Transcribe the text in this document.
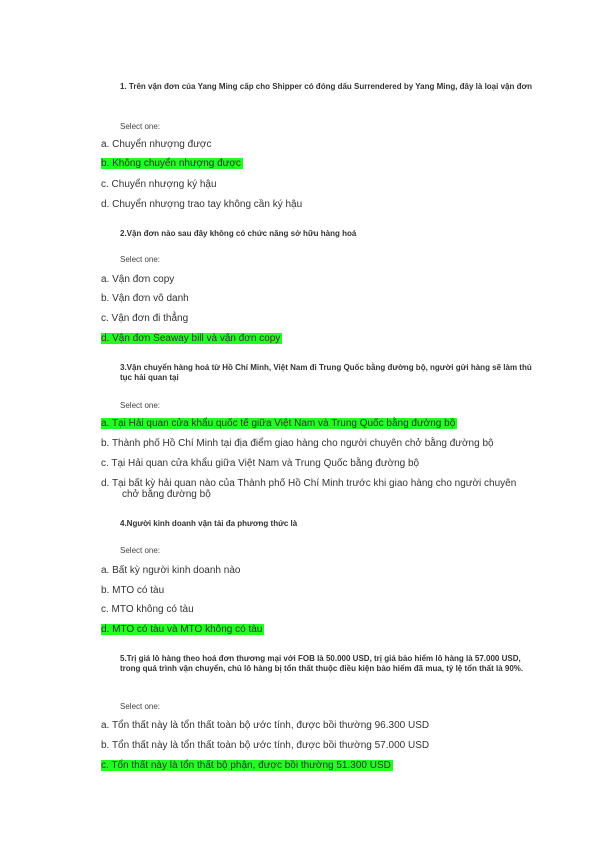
1. Trên vận đơn của Yang Ming cấp cho Shipper có đóng dấu Surrendered by Yang Ming, đây là loại vận đơn
Select one:
a. Chuyển nhượng được
b. Không chuyển nhượng được
c. Chuyển nhượng ký hậu
d. Chuyển nhượng trao tay không cần ký hậu
2.Vận đơn nào sau đây không có chức năng sở hữu hàng hoá
Select one:
a. Vận đơn copy
b. Vận đơn vô danh
c. Vận đơn đi thẳng
d. Vận đơn Seaway bill và vận đơn copy
3.Vận chuyển hàng hoá từ Hồ Chí Minh, Việt Nam đi Trung Quốc bằng đường bộ, người gửi hàng sẽ làm thủ tục hải quan tại
Select one:
a. Tại Hải quan cửa khẩu quốc tế giữa Việt Nam và Trung Quốc bằng đường bộ
b. Thành phố Hồ Chí Minh tại địa điểm giao hàng cho người chuyên chở bằng đường bộ
c. Tại Hải quan cửa khẩu giữa Việt Nam và Trung Quốc bằng đường bộ
d. Tại bất kỳ hải quan nào của Thành phố Hồ Chí Minh trước khi giao hàng cho người chuyên
chở bằng đường bộ
4.Người kinh doanh vận tải đa phương thức là
Select one:
a. Bất kỳ người kinh doanh nào
b. MTO có tàu
c. MTO không có tàu
d. MTO có tàu và MTO không có tàu
5.Trị giá lô hàng theo hoá đơn thương mại với FOB là 50.000 USD, trị giá bảo hiểm lô hàng là 57.000 USD, trong quá trình vận chuyển, chủ lô hàng bị tổn thất thuộc điều kiện bảo hiểm đã mua, tỷ lệ tổn thất là 90%.
Select one:
a. Tổn thất này là tổn thất toàn bộ ước tính, được bồi thường 96.300 USD
b. Tổn thất này là tổn thất toàn bộ ước tính, được bồi thường 57.000 USD
c. Tổn thất này là tổn thất bộ phận, được bồi thường 51.300 USD
